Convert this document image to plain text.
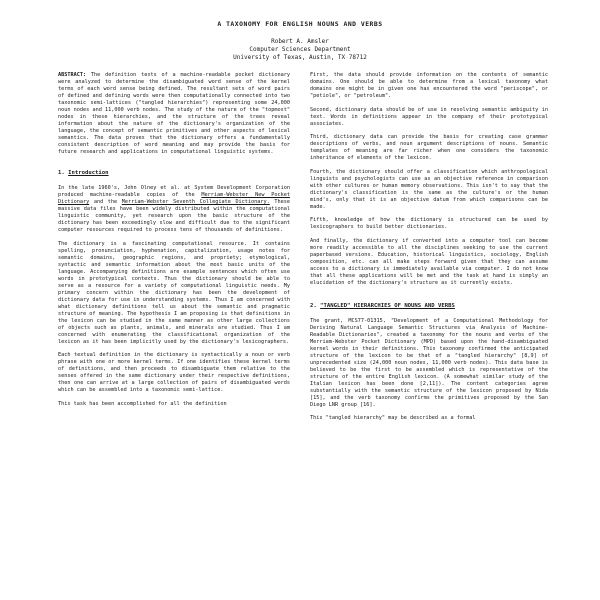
A TAXONOMY FOR ENGLISH NOUNS AND VERBS
Robert A. Amsler
Computer Sciences Department
University of Texas, Austin, TX 78712

ABSTRACT: The definition texts of a machine-readable pocket dictionary were analyzed to determine the disambiguated word sense of the kernel terms of each word sense being defined. The resultant sets of word pairs of defined and defining words were then computationally connected into two taxonomic semi-lattices ("tangled hierarchies") representing some 24,000 noun nodes and 11,000 verb nodes. The study of the nature of the "topmost" nodes in these hierarchies, and the structure of the trees reveal information about the nature of the dictionary's organization of the language, the concept of semantic primitives and other aspects of lexical semantics. The data proves that the dictionary offers a fundamentally consistent description of word meaning and may provide the basis for future research and applications in computational linguistic systems.

1. Introduction

In the late 1960's, John Olney et al. at System Development Corporation produced machine-readable copies of the Merriam-Webster New Pocket Dictionary and the Merriam-Webster Seventh Collegiate Dictionary. These massive data files have been widely distributed within the computational linguistic community, yet research upon the basic structure of the dictionary has been exceedingly slow and difficult due to the significant computer resources required to process tens of thousands of definitions.

The dictionary is a fascinating computational resource. It contains spelling, pronunciation, hyphenation, capitalization, usage notes for semantic domains, geographic regions, and propriety; etymological, syntactic and semantic information about the most basic units of the language. Accompanying definitions are example sentences which often use words in prototypical contexts. Thus the dictionary should be able to serve as a resource for a variety of computational linguistic needs. My primary concern within the dictionary has been the development of dictionary data for use in understanding systems. Thus I am concerned with what dictionary definitions tell us about the semantic and pragmatic structure of meaning. The hypothesis I am proposing is that definitions in the lexicon can be studied in the same manner as other large collections of objects such as plants, animals, and minerals are studied. Thus I am concerned with enumerating the classificational organization of the lexicon as it has been implicitly used by the dictionary's lexicographers.

Each textual definition in the dictionary is syntactically a noun or verb phrase with one or more kernel terms. If one identifies these kernel terms of definitions, and then proceeds to disambiguate them relative to the senses offered in the same dictionary under their respective definitions, then one can arrive at a large collection of pairs of disambiguated words which can be assembled into a taxonomic semi-lattice.

This task has been accomplished for all the definition

First, the data should provide information on the contents of semantic domains. One should be able to determine from a lexical taxonomy what domains one might be in given one has encountered the word "periscope", or "petiole", or "petroleum".

Second, dictionary data should be of use in resolving semantic ambiguity in text. Words in definitions appear in the company of their prototypical associates.

Third, dictionary data can provide the basis for creating case grammar descriptions of verbs, and noun argument descriptions of nouns. Semantic templates of meaning are far richer when one considers the taxonomic inheritance of elements of the lexicon.

Fourth, the dictionary should offer a classification which anthropological linguists and psychologists can use as an objective reference in comparison with other cultures or human memory observations. This isn't to say that the dictionary's classification is the same as the culture's or the human mind's, only that it is an objective datum from which comparisons can be made.

Fifth, knowledge of how the dictionary is structured can be used by lexicographers to build better dictionaries.

And finally, the dictionary if converted into a computer tool can become more readily accessible to all the disciplines seeking to use the current paperbased versions. Education, historical linguistics, sociology, English composition, etc. can all make steps forward given that they can assume access to a dictionary is immediately available via computer. I do not know that all these applications will be met and the task at hand is simply an elucidation of the dictionary's structure as it currently exists.

2. "TANGLED" HIERARCHIES OF NOUNS AND VERBS

The grant, MCS77-01315, "Development of a Computational Methodology for Deriving Natural Language Semantic Structures via Analysis of Machine-Readable Dictionaries", created a taxonomy for the nouns and verbs of the Merriam-Webster Pocket Dictionary (MPD) based upon the hand-disambiguated kernel words in their definitions. This taxonomy confirmed the anticipated structure of the lexicon to be that of a "tangled hierarchy" [8,9] of unprecedented size (24,000 noun nodes, 11,000 verb nodes). This data base is believed to be the first to be assembled which is representative of the structure of the entire English lexicon. (A somewhat similar study of the Italian lexicon has been done [2,11]). The content categories agree substantially with the semantic structure of the lexicon proposed by Nida [15], and the verb taxonomy confirms the primitives proposed by the San Diego LNR group [16].

This "tangled hierarchy" may be described as a formal
